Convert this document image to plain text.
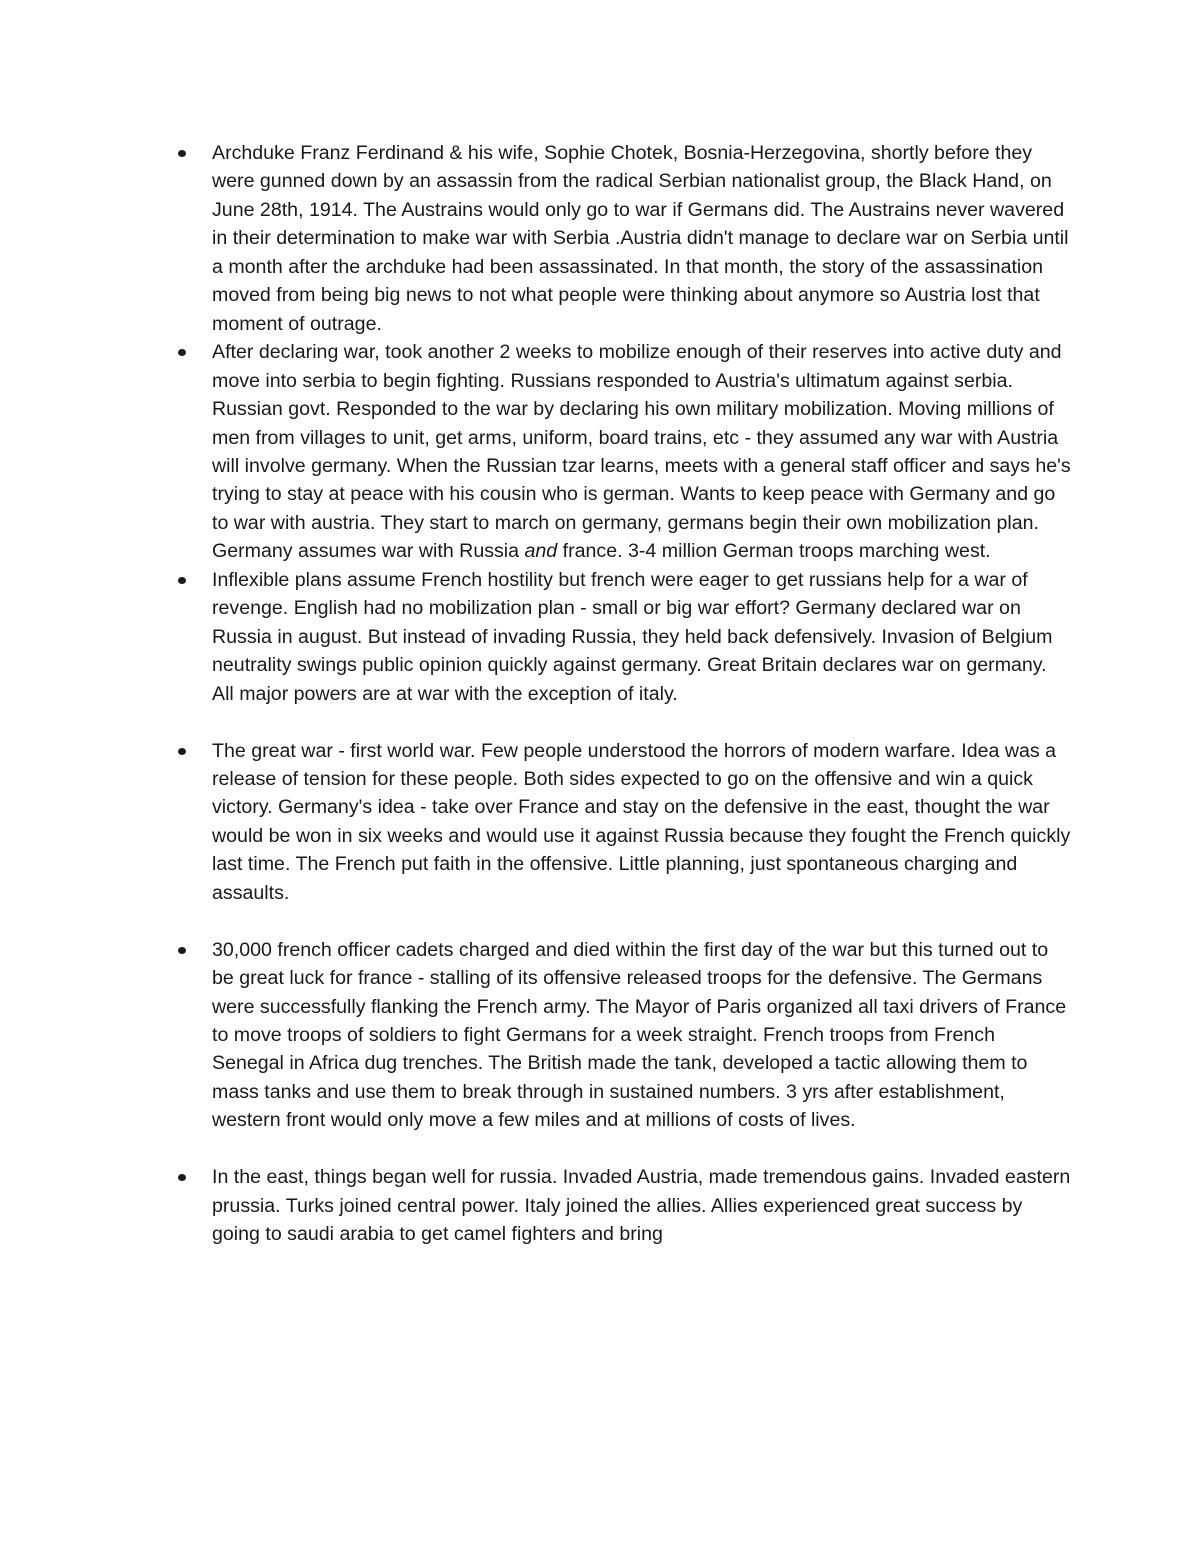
Archduke Franz Ferdinand & his wife, Sophie Chotek, Bosnia-Herzegovina, shortly before they were gunned down by an assassin from the radical Serbian nationalist group, the Black Hand, on June 28th, 1914. The Austrains would only go to war if Germans did. The Austrains never wavered in their determination to make war with Serbia .Austria didn't manage to declare war on Serbia until a month after the archduke had been assassinated. In that month, the story of the assassination moved from being big news to not what people were thinking about anymore so Austria lost that moment of outrage.
After declaring war, took another 2 weeks to mobilize enough of their reserves into active duty and move into serbia to begin fighting. Russians responded to Austria's ultimatum against serbia. Russian govt. Responded to the war by declaring his own military mobilization. Moving millions of men from villages to unit, get arms, uniform, board trains, etc - they assumed any war with Austria will involve germany. When the Russian tzar learns, meets with a general staff officer and says he's trying to stay at peace with his cousin who is german. Wants to keep peace with Germany and go to war with austria. They start to march on germany, germans begin their own mobilization plan. Germany assumes war with Russia and france. 3-4 million German troops marching west.
Inflexible plans assume French hostility but french were eager to get russians help for a war of revenge. English had no mobilization plan - small or big war effort? Germany declared war on Russia in august. But instead of invading Russia, they held back defensively. Invasion of Belgium neutrality swings public opinion quickly against germany. Great Britain declares war on germany. All major powers are at war with the exception of italy.
The great war - first world war. Few people understood the horrors of modern warfare. Idea was a release of tension for these people. Both sides expected to go on the offensive and win a quick victory. Germany's idea - take over France and stay on the defensive in the east, thought the war would be won in six weeks and would use it against Russia because they fought the French quickly last time. The French put faith in the offensive. Little planning, just spontaneous charging and assaults.
30,000 french officer cadets charged and died within the first day of the war but this turned out to be great luck for france - stalling of its offensive released troops for the defensive. The Germans were successfully flanking the French army. The Mayor of Paris organized all taxi drivers of France to move troops of soldiers to fight Germans for a week straight. French troops from French Senegal in Africa dug trenches. The British made the tank, developed a tactic allowing them to mass tanks and use them to break through in sustained numbers. 3 yrs after establishment, western front would only move a few miles and at millions of costs of lives.
In the east, things began well for russia. Invaded Austria, made tremendous gains. Invaded eastern prussia. Turks joined central power. Italy joined the allies. Allies experienced great success by going to saudi arabia to get camel fighters and bring
